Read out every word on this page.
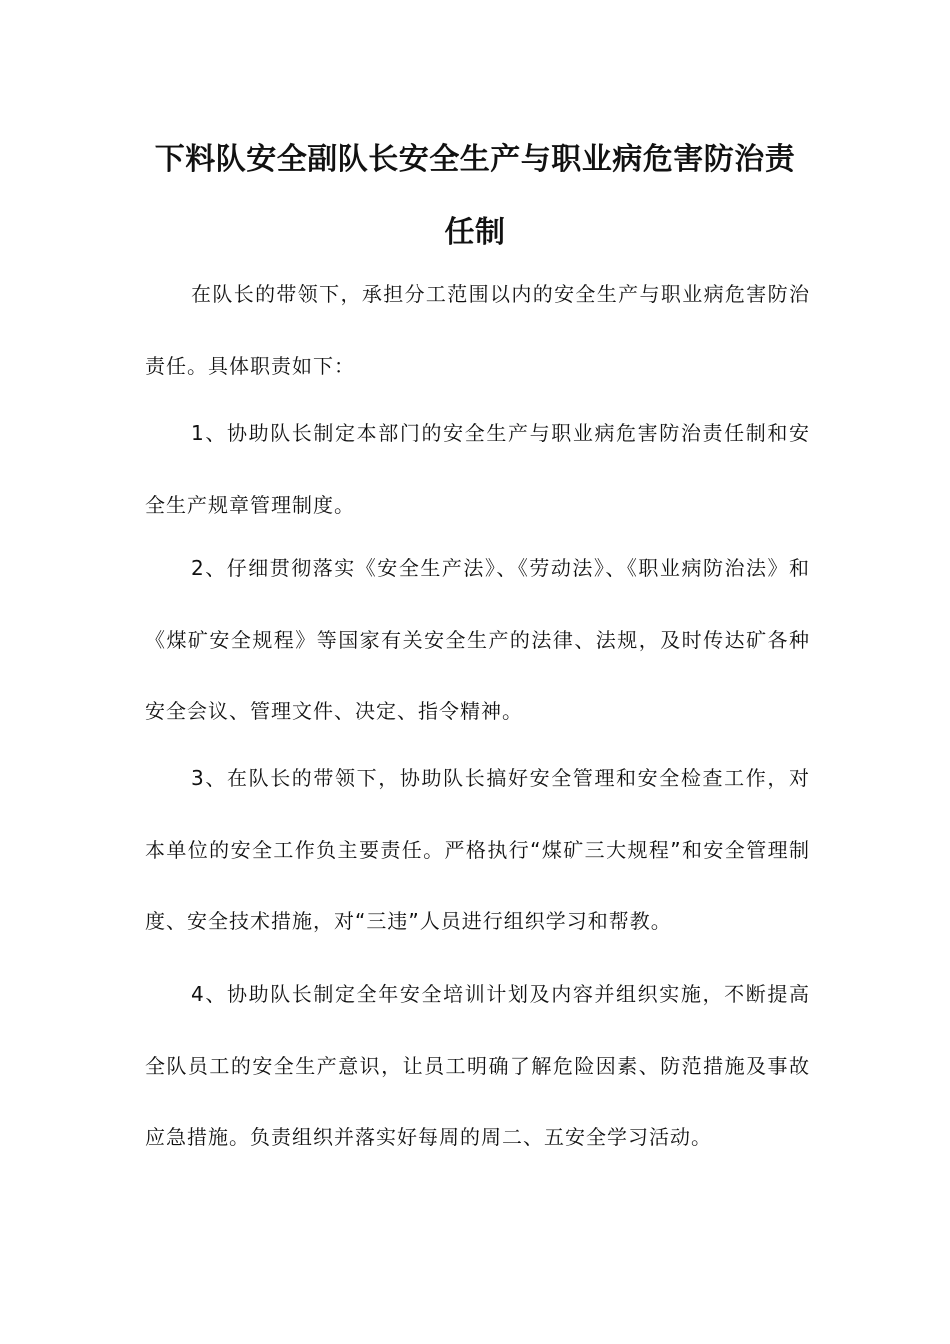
下料队安全副队长安全生产与职业病危害防治责
任制

在队长的带领下，承担分工范围以内的安全生产与职业病危害防治责任。具体职责如下：

1、协助队长制定本部门的安全生产与职业病危害防治责任制和安全生产规章管理制度。

2、仔细贯彻落实《安全生产法》、《劳动法》、《职业病防治法》和《煤矿安全规程》等国家有关安全生产的法律、法规，及时传达矿各种安全会议、管理文件、决定、指令精神。

3、在队长的带领下，协助队长搞好安全管理和安全检查工作，对本单位的安全工作负主要责任。严格执行“煤矿三大规程”和安全管理制度、安全技术措施，对“三违”人员进行组织学习和帮教。

4、协助队长制定全年安全培训计划及内容并组织实施，不断提高全队员工的安全生产意识，让员工明确了解危险因素、防范措施及事故应急措施。负责组织并落实好每周的周二、五安全学习活动。
